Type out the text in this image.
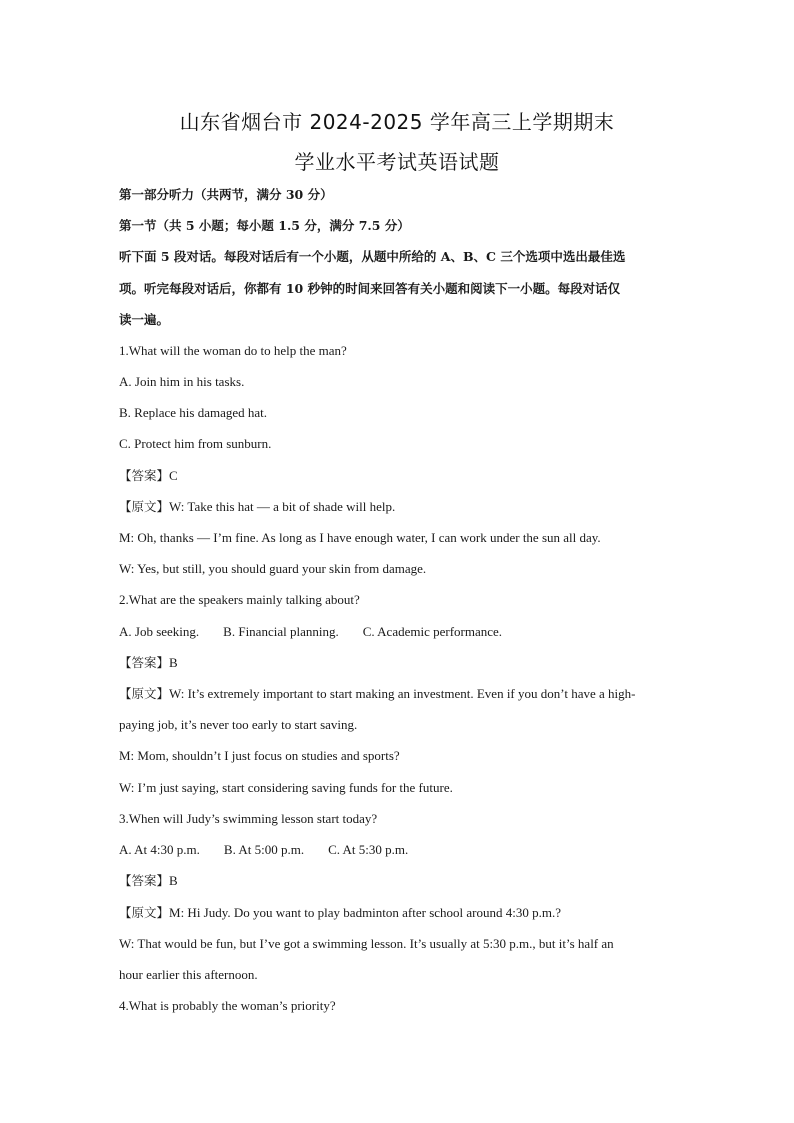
山东省烟台市 2024-2025 学年高三上学期期末
学业水平考试英语试题
第一部分听力（共两节，满分 30 分）
第一节（共 5 小题；每小题 1.5 分，满分 7.5 分）
听下面 5 段对话。每段对话后有一个小题，从题中所给的 A、B、C 三个选项中选出最佳选
项。听完每段对话后，你都有 10 秒钟的时间来回答有关小题和阅读下一小题。每段对话仅
读一遍。
1.What will the woman do to help the man?
A. Join him in his tasks.
B. Replace his damaged hat.
C. Protect him from sunburn.
【答案】C
【原文】W: Take this hat — a bit of shade will help.
M: Oh, thanks — I’m fine. As long as I have enough water, I can work under the sun all day.
W: Yes, but still, you should guard your skin from damage.
2.What are the speakers mainly talking about?
A. Job seeking. B. Financial planning. C. Academic performance.
【答案】B
【原文】W: It’s extremely important to start making an investment. Even if you don’t have a high-
paying job, it’s never too early to start saving.
M: Mom, shouldn’t I just focus on studies and sports?
W: I’m just saying, start considering saving funds for the future.
3.When will Judy’s swimming lesson start today?
A. At 4:30 p.m. B. At 5:00 p.m. C. At 5:30 p.m.
【答案】B
【原文】M: Hi Judy. Do you want to play badminton after school around 4:30 p.m.?
W: That would be fun, but I’ve got a swimming lesson. It’s usually at 5:30 p.m., but it’s half an
hour earlier this afternoon.
4.What is probably the woman’s priority?
